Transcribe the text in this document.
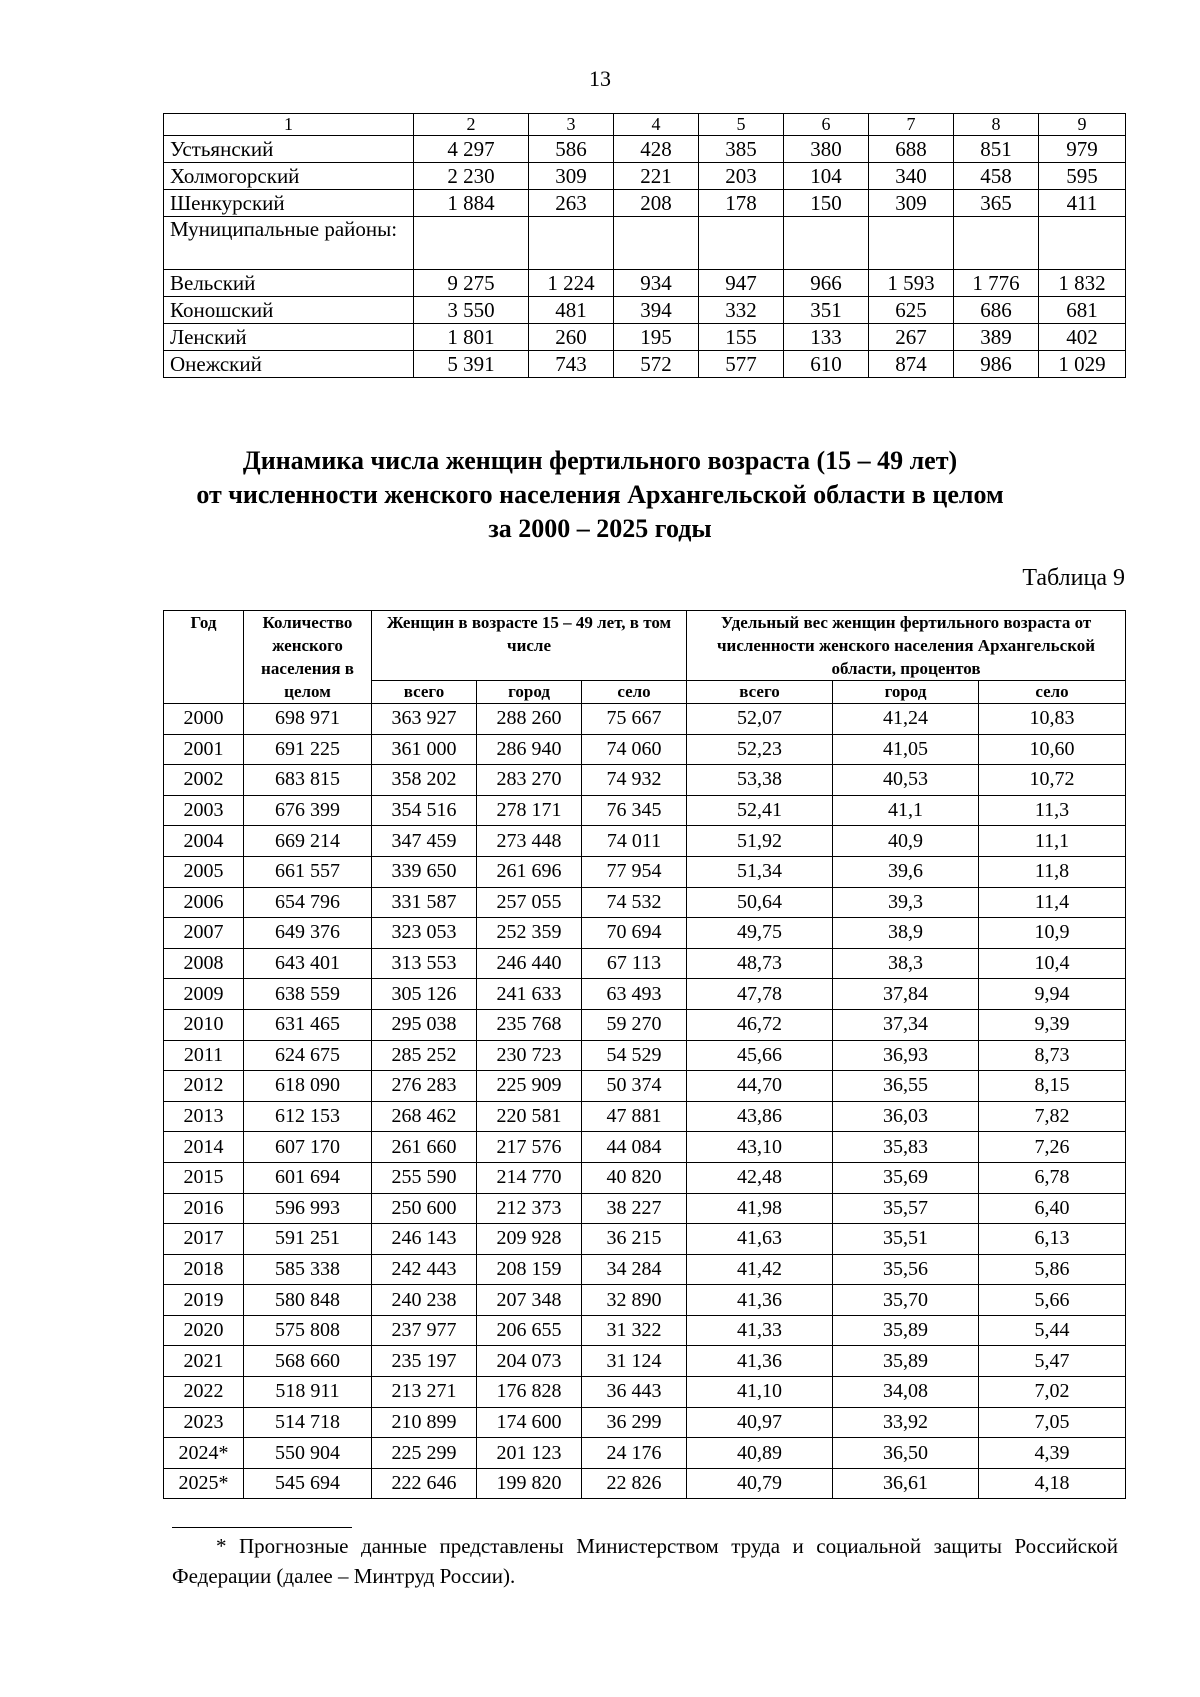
13
1	2	3	4	5	6	7	8	9
Устьянский	4 297	586	428	385	380	688	851	979
Холмогорский	2 230	309	221	203	104	340	458	595
Шенкурский	1 884	263	208	178	150	309	365	411
Муниципальные районы:								
Вельский	9 275	1 224	934	947	966	1 593	1 776	1 832
Коношский	3 550	481	394	332	351	625	686	681
Ленский	1 801	260	195	155	133	267	389	402
Онежский	5 391	743	572	577	610	874	986	1 029
Динамика числа женщин фертильного возраста (15 – 49 лет)
от численности женского населения Архангельской области в целом
за 2000 – 2025 годы
Таблица 9
Год	Количество женского населения в целом	Женщин в возрасте 15 – 49 лет, в том числе			Удельный вес женщин фертильного возраста от численности женского населения Архангельской области, процентов		
		всего	город	село	всего	город	село
2000	698 971	363 927	288 260	75 667	52,07	41,24	10,83
2001	691 225	361 000	286 940	74 060	52,23	41,05	10,60
2002	683 815	358 202	283 270	74 932	53,38	40,53	10,72
2003	676 399	354 516	278 171	76 345	52,41	41,1	11,3
2004	669 214	347 459	273 448	74 011	51,92	40,9	11,1
2005	661 557	339 650	261 696	77 954	51,34	39,6	11,8
2006	654 796	331 587	257 055	74 532	50,64	39,3	11,4
2007	649 376	323 053	252 359	70 694	49,75	38,9	10,9
2008	643 401	313 553	246 440	67 113	48,73	38,3	10,4
2009	638 559	305 126	241 633	63 493	47,78	37,84	9,94
2010	631 465	295 038	235 768	59 270	46,72	37,34	9,39
2011	624 675	285 252	230 723	54 529	45,66	36,93	8,73
2012	618 090	276 283	225 909	50 374	44,70	36,55	8,15
2013	612 153	268 462	220 581	47 881	43,86	36,03	7,82
2014	607 170	261 660	217 576	44 084	43,10	35,83	7,26
2015	601 694	255 590	214 770	40 820	42,48	35,69	6,78
2016	596 993	250 600	212 373	38 227	41,98	35,57	6,40
2017	591 251	246 143	209 928	36 215	41,63	35,51	6,13
2018	585 338	242 443	208 159	34 284	41,42	35,56	5,86
2019	580 848	240 238	207 348	32 890	41,36	35,70	5,66
2020	575 808	237 977	206 655	31 322	41,33	35,89	5,44
2021	568 660	235 197	204 073	31 124	41,36	35,89	5,47
2022	518 911	213 271	176 828	36 443	41,10	34,08	7,02
2023	514 718	210 899	174 600	36 299	40,97	33,92	7,05
2024*	550 904	225 299	201 123	24 176	40,89	36,50	4,39
2025*	545 694	222 646	199 820	22 826	40,79	36,61	4,18
* Прогнозные данные представлены Министерством труда и социальной защиты Российской Федерации (далее – Минтруд России).
